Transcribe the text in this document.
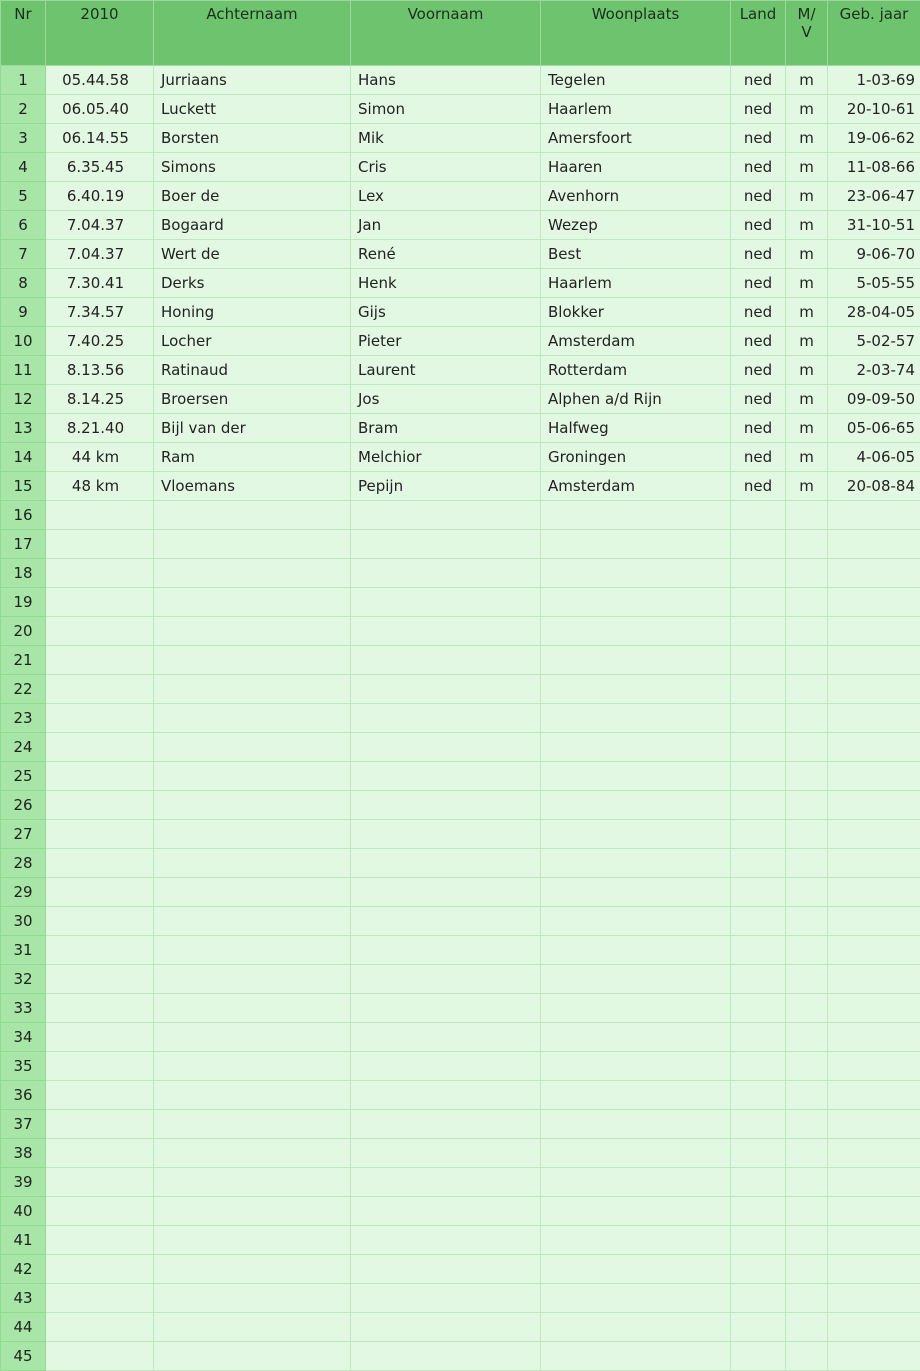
Nr	2010	Achternaam	Voornaam	Woonplaats	Land	M/ V	Geb. jaar
1	05.44.58	Jurriaans	Hans	Tegelen	ned	m	1-03-69
2	06.05.40	Luckett	Simon	Haarlem	ned	m	20-10-61
3	06.14.55	Borsten	Mik	Amersfoort	ned	m	19-06-62
4	6.35.45	Simons	Cris	Haaren	ned	m	11-08-66
5	6.40.19	Boer de	Lex	Avenhorn	ned	m	23-06-47
6	7.04.37	Bogaard	Jan	Wezep	ned	m	31-10-51
7	7.04.37	Wert de	René	Best	ned	m	9-06-70
8	7.30.41	Derks	Henk	Haarlem	ned	m	5-05-55
9	7.34.57	Honing	Gijs	Blokker	ned	m	28-04-05
10	7.40.25	Locher	Pieter	Amsterdam	ned	m	5-02-57
11	8.13.56	Ratinaud	Laurent	Rotterdam	ned	m	2-03-74
12	8.14.25	Broersen	Jos	Alphen a/d Rijn	ned	m	09-09-50
13	8.21.40	Bijl van der	Bram	Halfweg	ned	m	05-06-65
14	44 km	Ram	Melchior	Groningen	ned	m	4-06-05
15	48 km	Vloemans	Pepijn	Amsterdam	ned	m	20-08-84
16							
17							
18							
19							
20							
21							
22							
23							
24							
25							
26							
27							
28							
29							
30							
31							
32							
33							
34							
35							
36							
37							
38							
39							
40							
41							
42							
43							
44							
45							
